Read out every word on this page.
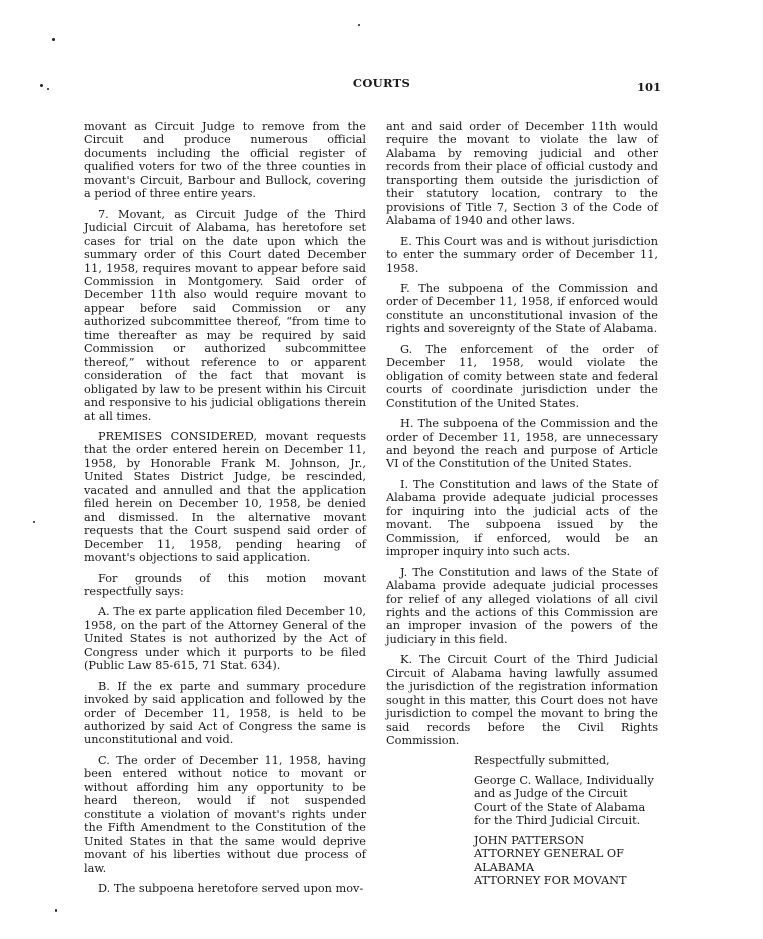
COURTS	101

movant as Circuit Judge to remove from the Circuit and produce numerous official documents including the official register of qualified voters for two of the three counties in movant's Circuit, Barbour and Bullock, covering a period of three entire years.

7. Movant, as Circuit Judge of the Third Judicial Circuit of Alabama, has heretofore set cases for trial on the date upon which the summary order of this Court dated December 11, 1958, requires movant to appear before said Commission in Montgomery. Said order of December 11th also would require movant to appear before said Commission or any authorized subcommittee thereof, “from time to time thereafter as may be required by said Commission or authorized subcommittee thereof,” without reference to or apparent consideration of the fact that movant is obligated by law to be present within his Circuit and responsive to his judicial obligations therein at all times.

PREMISES CONSIDERED, movant requests that the order entered herein on December 11, 1958, by Honorable Frank M. Johnson, Jr., United States District Judge, be rescinded, vacated and annulled and that the application filed herein on December 10, 1958, be denied and dismissed. In the alternative movant requests that the Court suspend said order of December 11, 1958, pending hearing of movant's objections to said application.

For grounds of this motion movant respectfully says:

A. The ex parte application filed December 10, 1958, on the part of the Attorney General of the United States is not authorized by the Act of Congress under which it purports to be filed (Public Law 85-615, 71 Stat. 634).

B. If the ex parte and summary procedure invoked by said application and followed by the order of December 11, 1958, is held to be authorized by said Act of Congress the same is unconstitutional and void.

C. The order of December 11, 1958, having been entered without notice to movant or without affording him any opportunity to be heard thereon, would if not suspended constitute a violation of movant's rights under the Fifth Amendment to the Constitution of the United States in that the same would deprive movant of his liberties without due process of law.

D. The subpoena heretofore served upon mov-

ant and said order of December 11th would require the movant to violate the law of Alabama by removing judicial and other records from their place of official custody and transporting them outside the jurisdiction of their statutory location, contrary to the provisions of Title 7, Section 3 of the Code of Alabama of 1940 and other laws.

E. This Court was and is without jurisdiction to enter the summary order of December 11, 1958.

F. The subpoena of the Commission and order of December 11, 1958, if enforced would constitute an unconstitutional invasion of the rights and sovereignty of the State of Alabama.

G. The enforcement of the order of December 11, 1958, would violate the obligation of comity between state and federal courts of coordinate jurisdiction under the Constitution of the United States.

H. The subpoena of the Commission and the order of December 11, 1958, are unnecessary and beyond the reach and purpose of Article VI of the Constitution of the United States.

I. The Constitution and laws of the State of Alabama provide adequate judicial processes for inquiring into the judicial acts of the movant. The subpoena issued by the Commission, if enforced, would be an improper inquiry into such acts.

J. The Constitution and laws of the State of Alabama provide adequate judicial processes for relief of any alleged violations of all civil rights and the actions of this Commission are an improper invasion of the powers of the judiciary in this field.

K. The Circuit Court of the Third Judicial Circuit of Alabama having lawfully assumed the jurisdiction of the registration information sought in this matter, this Court does not have jurisdiction to compel the movant to bring the said records before the Civil Rights Commission.

Respectfully submitted,

George C. Wallace, Individually
and as Judge of the Circuit
Court of the State of Alabama
for the Third Judicial Circuit.

JOHN PATTERSON
ATTORNEY GENERAL OF
ALABAMA
ATTORNEY FOR MOVANT
